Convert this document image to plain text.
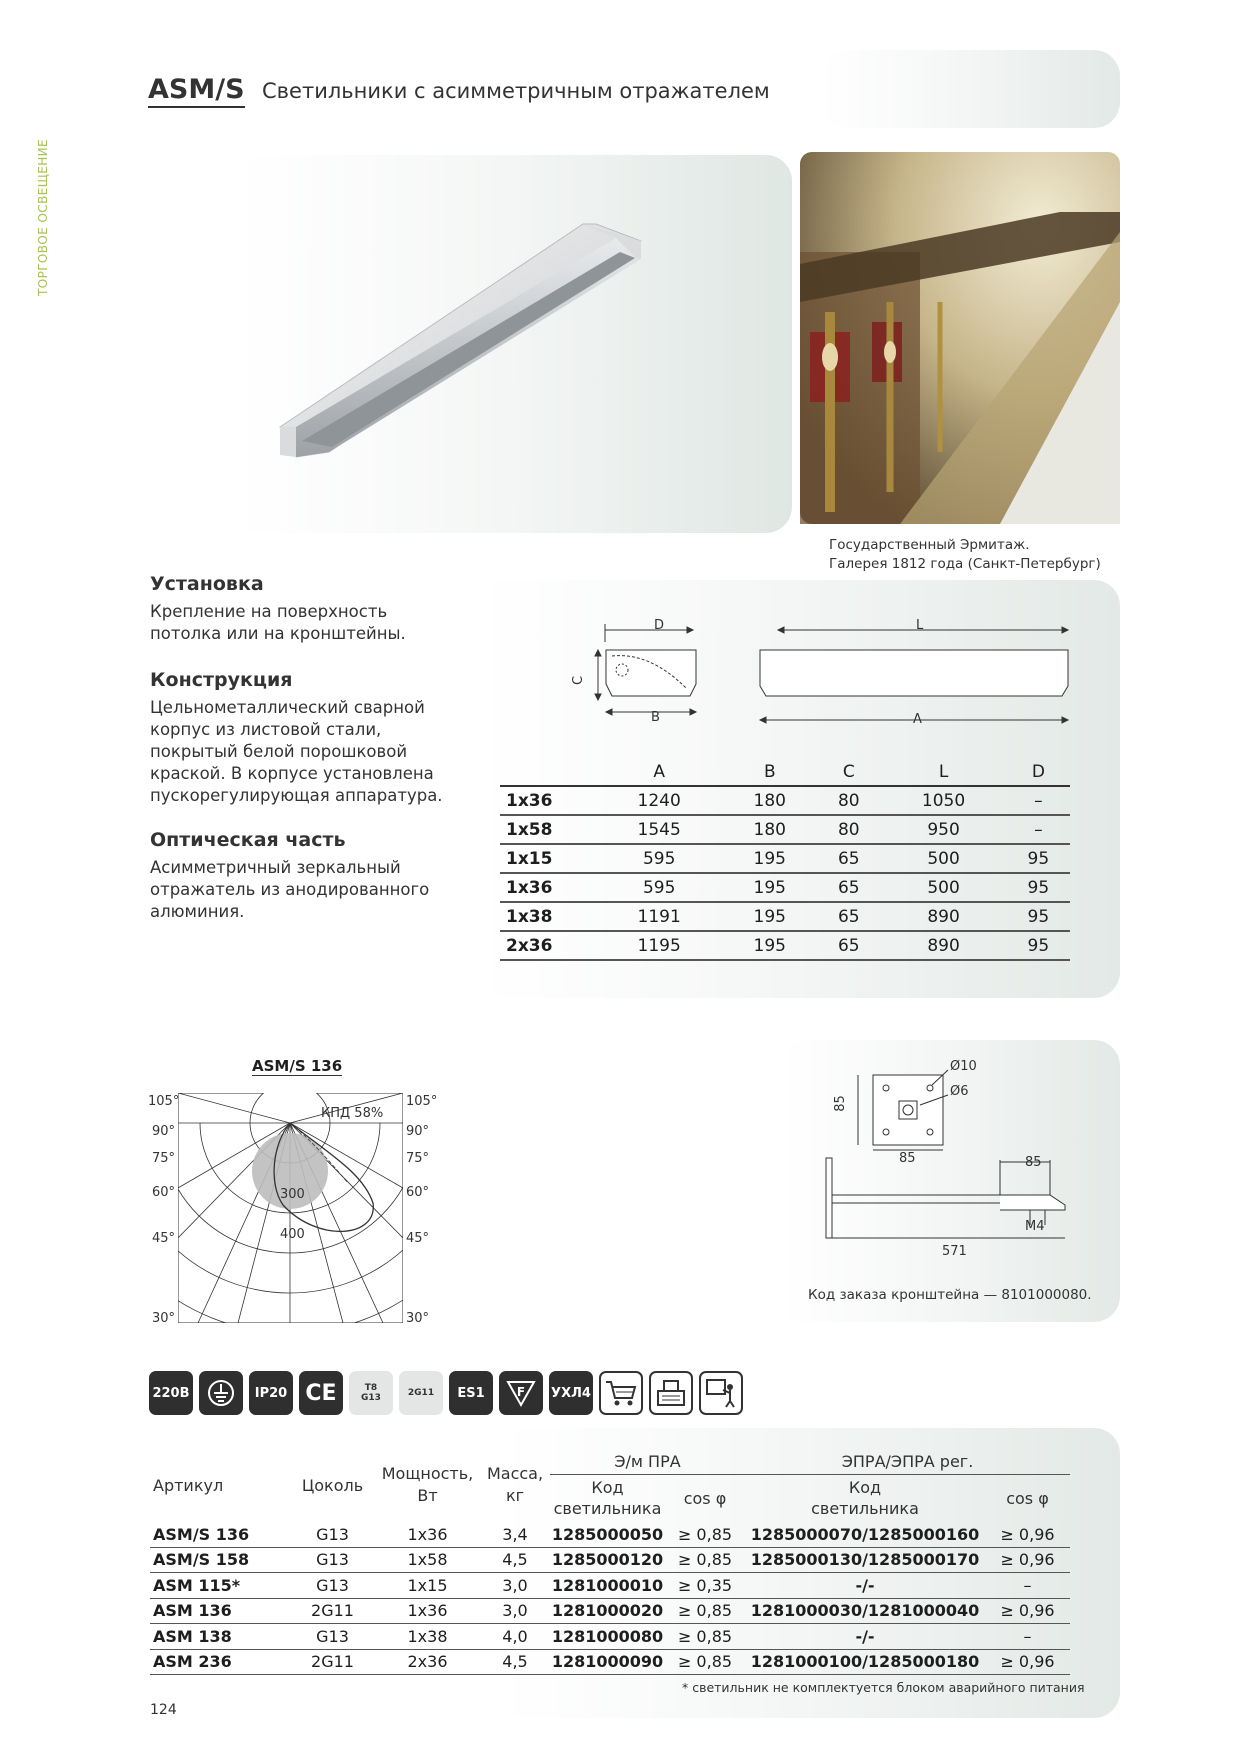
ТОРГОВОЕ ОСВЕЩЕНИЕ
ASM/S Светильники с асимметричным отражателем
Государственный Эрмитаж.
Галерея 1812 года (Санкт-Петербург)
Установка
Крепление на поверхность
потолка или на кронштейны.
Конструкция
Цельнометаллический сварной
корпус из листовой стали,
покрытый белой порошковой
краской. В корпусе установлена
пускорегулирующая аппаратура.
Оптическая часть
Асимметричный зеркальный
отражатель из анодированного
алюминия.
D
C
B
L
A
	A	B	C	L	D
1x36	1240	180	80	1050	–
1x58	1545	180	80	950	–
1x15	595	195	65	500	95
1x36	595	195	65	500	95
1x38	1191	195	65	890	95
2x36	1195	195	65	890	95
ASM/S 136
КПД 58%
300
400
105°
90°
75°
60°
45°
30°
105°
90°
75°
60°
45°
30°
Ø10
Ø6
85
85	85
M4
571
Код заказа кронштейна — 8101000080.
220В	IP20 CE	T8
G13	2G11	ES1	F УХЛ4
Артикул	Цоколь	Мощность, Вт	Масса, кг	Э/м ПРА		ЭПРА/ЭПРА рег.	
				Код светильника	cos φ	Код светильника	cos φ
ASM/S 136	G13	1x36	3,4	1285000050	≥ 0,85	1285000070/1285000160	≥ 0,96
ASM/S 158	G13	1x58	4,5	1285000120	≥ 0,85	1285000130/1285000170	≥ 0,96
ASM 115*	G13	1x15	3,0	1281000010	≥ 0,35	-/-	–
ASM 136	2G11	1x36	3,0	1281000020	≥ 0,85	1281000030/1281000040	≥ 0,96
ASM 138	G13	1x38	4,0	1281000080	≥ 0,85	-/-	–
ASM 236	2G11	2x36	4,5	1281000090	≥ 0,85	1281000100/1285000180	≥ 0,96
* светильник не комплектуется блоком аварийного питания
124
